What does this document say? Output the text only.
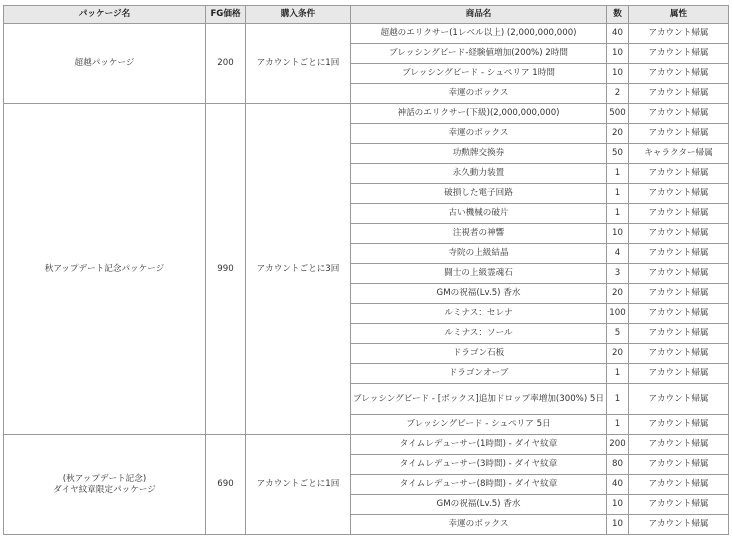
パッケージ名	FG価格	購入条件	商品名	数	属性
超越パッケージ	200	アカウントごとに1回	超越のエリクサー(1レベル以上) (2,000,000,000)	40	アカウント帰属
			ブレッシングビード-経験値増加(200%) 2時間	10	アカウント帰属
			ブレッシングビード - シュペリア 1時間	10	アカウント帰属
			幸運のボックス	2	アカウント帰属
秋アップデート記念パッケージ	990	アカウントごとに3回	神話のエリクサー(下級)(2,000,000,000)	500	アカウント帰属
			幸運のボックス	20	アカウント帰属
			功勲牌交換券	50	キャラクター帰属
			永久動力装置	1	アカウント帰属
			破損した電子回路	1	アカウント帰属
			古い機械の破片	1	アカウント帰属
			注視者の神響	10	アカウント帰属
			寺院の上級結晶	4	アカウント帰属
			闘士の上級霊魂石	3	アカウント帰属
			GMの祝福(Lv.5) 香水	20	アカウント帰属
			ルミナス：セレナ	100	アカウント帰属
			ルミナス：ソール	5	アカウント帰属
			ドラゴン石板	20	アカウント帰属
			ドラゴンオーブ	1	アカウント帰属
			ブレッシングビード - [ボックス]追加ドロップ率増加(300%) 5日	1	アカウント帰属
			ブレッシングビード - シュペリア 5日	1	アカウント帰属
(秋アップデート記念)
ダイヤ紋章限定パッケージ	690	アカウントごとに1回	タイムレデューサー(1時間) - ダイヤ紋章	200	アカウント帰属
			タイムレデューサー(3時間) - ダイヤ紋章	80	アカウント帰属
			タイムレデューサー(8時間) - ダイヤ紋章	40	アカウント帰属
			GMの祝福(Lv.5) 香水	10	アカウント帰属
			幸運のボックス	10	アカウント帰属
